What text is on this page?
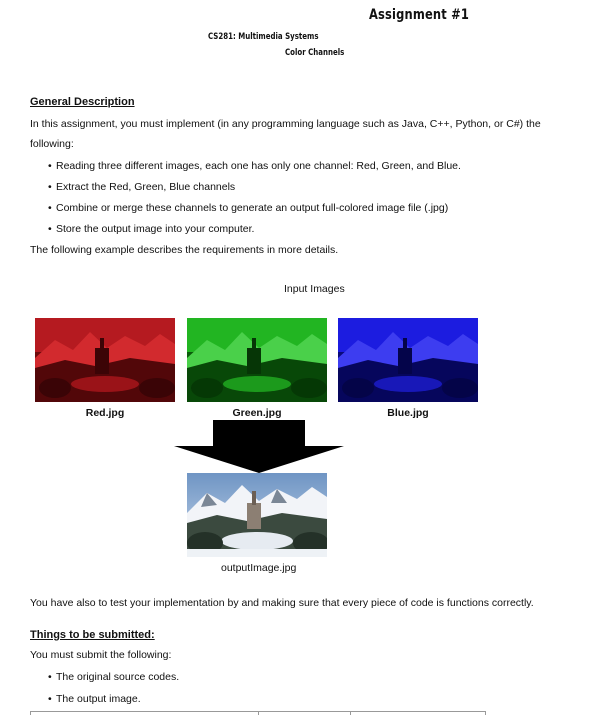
Assignment #1
CS281: Multimedia Systems
Color Channels
General Description
In this assignment, you must implement (in any programming language such as Java, C++, Python, or C#) the
following:
• Reading three different images, each one has only one channel: Red, Green, and Blue.
• Extract the Red, Green, Blue channels
• Combine or merge these channels to generate an output full-colored image file (.jpg)
• Store the output image into your computer.
The following example describes the requirements in more details.
Input Images
Red.jpg	Green.jpg	Blue.jpg
outputImage.jpg
You have also to test your implementation by and making sure that every piece of code is functions correctly.
Things to be submitted:
You must submit the following:
• The original source codes.
• The output image.
